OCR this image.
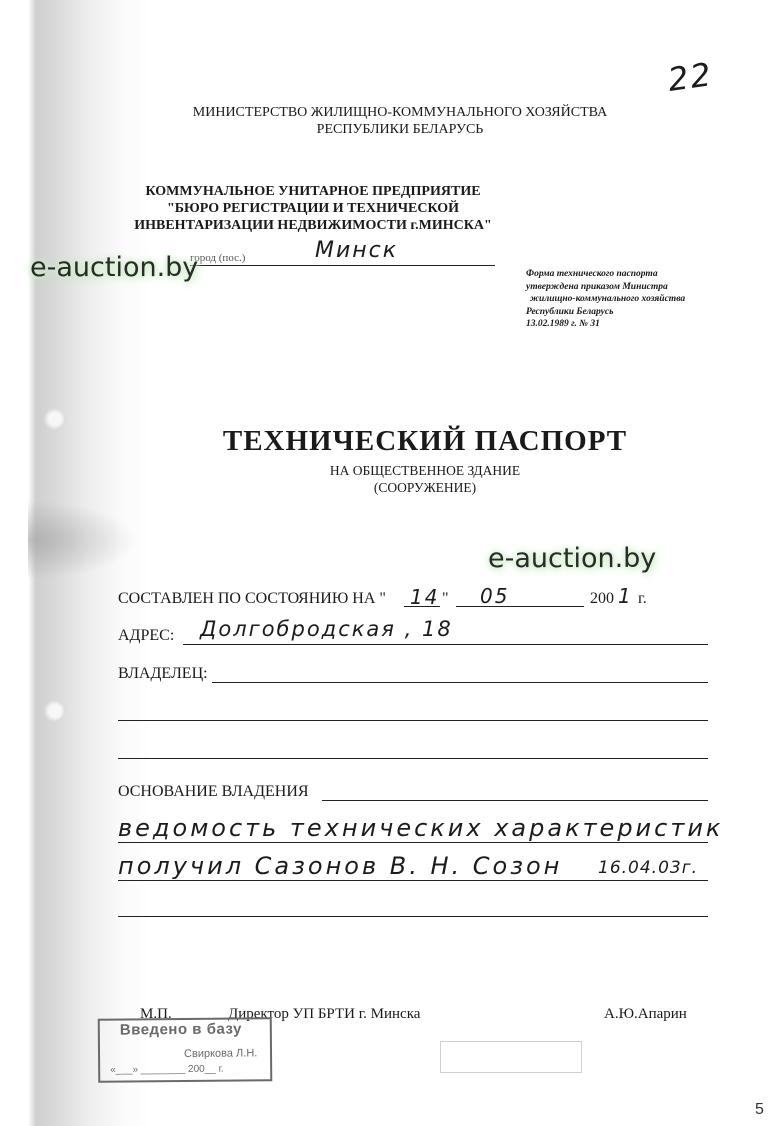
22
МИНИСТЕРСТВО ЖИЛИЩНО-КОММУНАЛЬНОГО ХОЗЯЙСТВА
РЕСПУБЛИКИ БЕЛАРУСЬ
КОММУНАЛЬНОЕ УНИТАРНОЕ ПРЕДПРИЯТИЕ
"БЮРО РЕГИСТРАЦИИ И ТЕХНИЧЕСКОЙ
ИНВЕНТАРИЗАЦИИ НЕДВИЖИМОСТИ г.МИНСКА"
город (пос.)	Минск
Форма технического паспорта
утверждена приказом Министра
жилищно-коммунального хозяйства
Республики Беларусь
13.02.1989 г. № 31
e-auction.by
e-auction.by
ТЕХНИЧЕСКИЙ ПАСПОРТ
НА ОБЩЕСТВЕННОЕ ЗДАНИЕ
(СООРУЖЕНИЕ)
СОСТАВЛЕН ПО СОСТОЯНИЮ НА " 14 " 05	200 1 г.
АДРЕС: Долгобродская , 18
ВЛАДЕЛЕЦ:
ОСНОВАНИЕ ВЛАДЕНИЯ
ведомость технических характеристик
получил Сазонов В. Н. Созон 16.04.03г.
М.П.	Директор УП БРТИ г. Минска	А.Ю.Апарин
Введено в базу
Свиркова Л.Н.
«___» ________ 200__ г.
5
